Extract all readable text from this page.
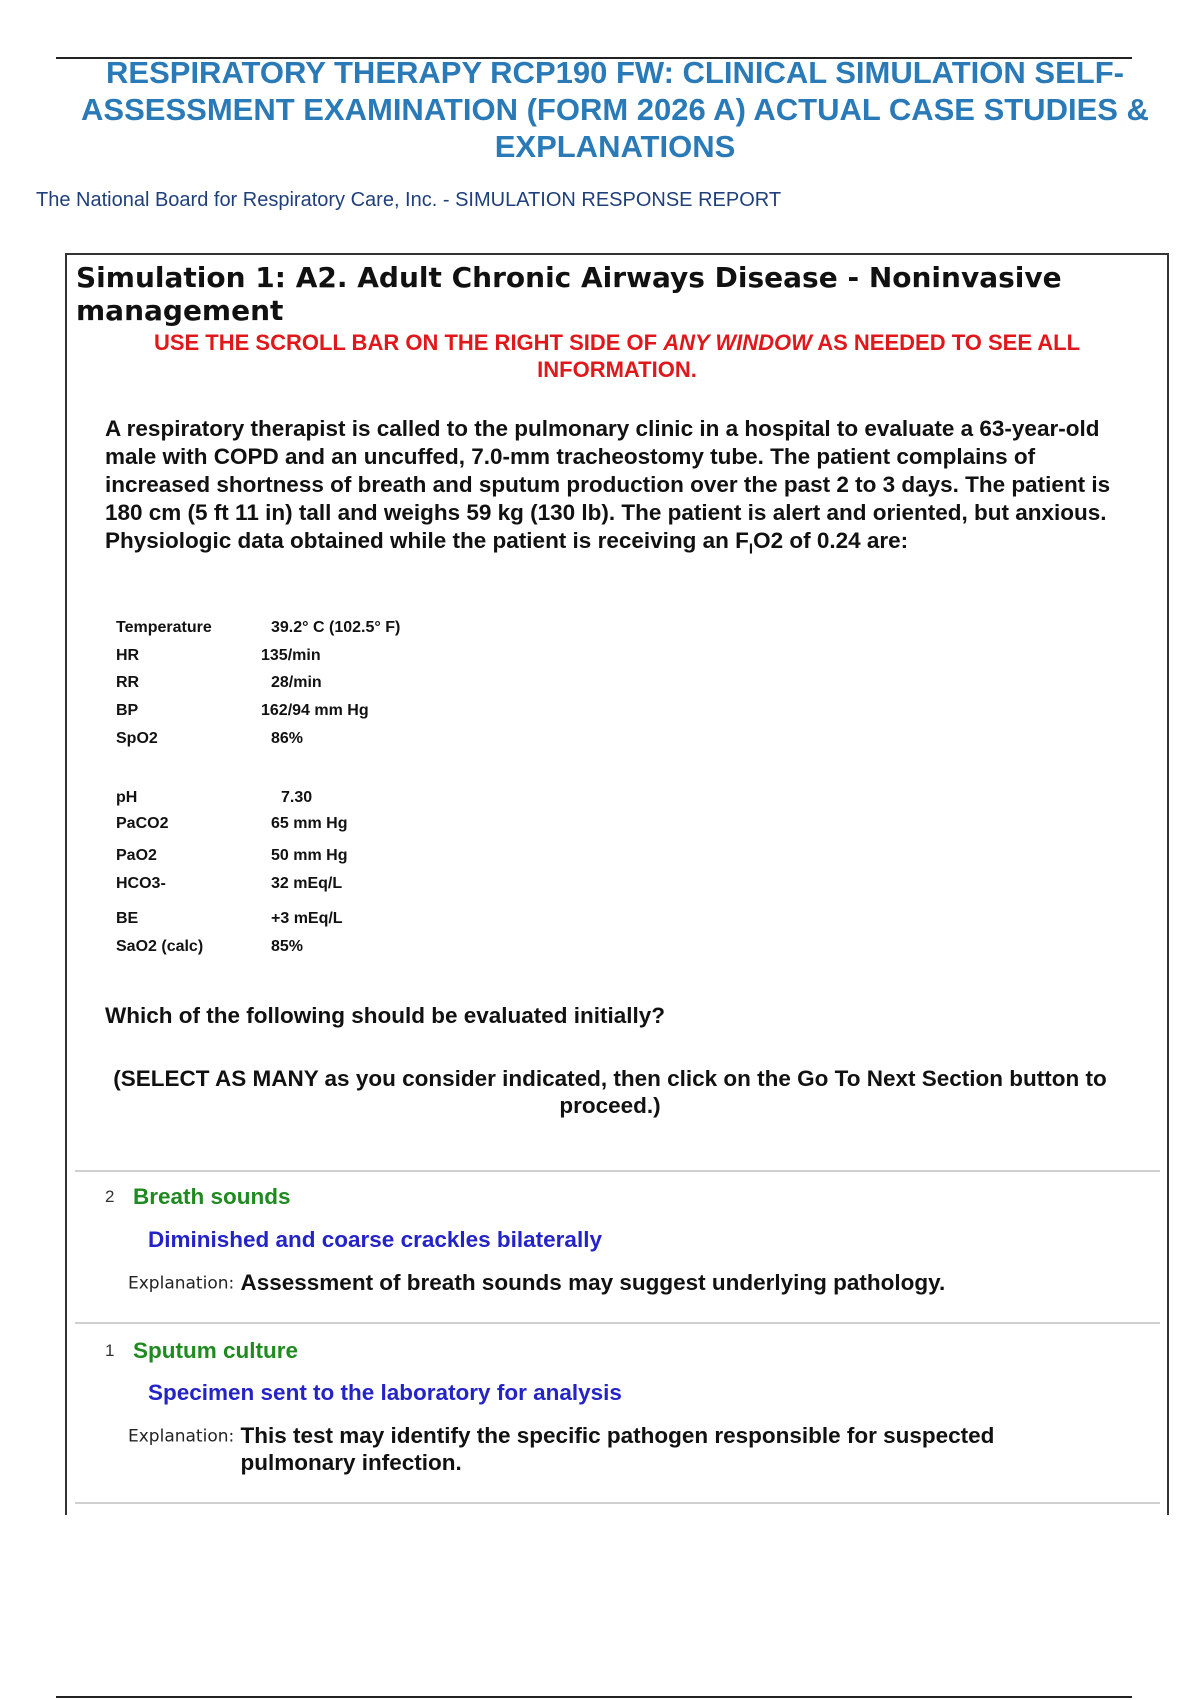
RESPIRATORY THERAPY RCP190 FW: CLINICAL SIMULATION SELF-
ASSESSMENT EXAMINATION (FORM 2026 A) ACTUAL CASE STUDIES &
EXPLANATIONS
The National Board for Respiratory Care, Inc. - SIMULATION RESPONSE REPORT
Simulation 1: A2. Adult Chronic Airways Disease - Noninvasive management
USE THE SCROLL BAR ON THE RIGHT SIDE OF ANY WINDOW AS NEEDED TO SEE ALL INFORMATION.
A respiratory therapist is called to the pulmonary clinic in a hospital to evaluate a 63-year-old male with COPD and an uncuffed, 7.0-mm tracheostomy tube. The patient complains of increased shortness of breath and sputum production over the past 2 to 3 days. The patient is 180 cm (5 ft 11 in) tall and weighs 59 kg (130 lb). The patient is alert and oriented, but anxious. Physiologic data obtained while the patient is receiving an $F_IO2$ of 0.24 are:
Temperature	39.2° C (102.5° F)
HR	135/min
RR	28/min
BP	162/94 mm Hg
SpO2	86%
pH	7.30
PaCO2	65 mm Hg
PaO2	50 mm Hg
HCO3-	32 mEq/L
BE	+3 mEq/L
SaO2 (calc)	85%
Which of the following should be evaluated initially?
(SELECT AS MANY as you consider indicated, then click on the Go To Next Section button to proceed.)
2 Breath sounds
Diminished and coarse crackles bilaterally
Explanation: Assessment of breath sounds may suggest underlying pathology.
1 Sputum culture
Specimen sent to the laboratory for analysis
Explanation: This test may identify the specific pathogen responsible for suspected pulmonary infection.
